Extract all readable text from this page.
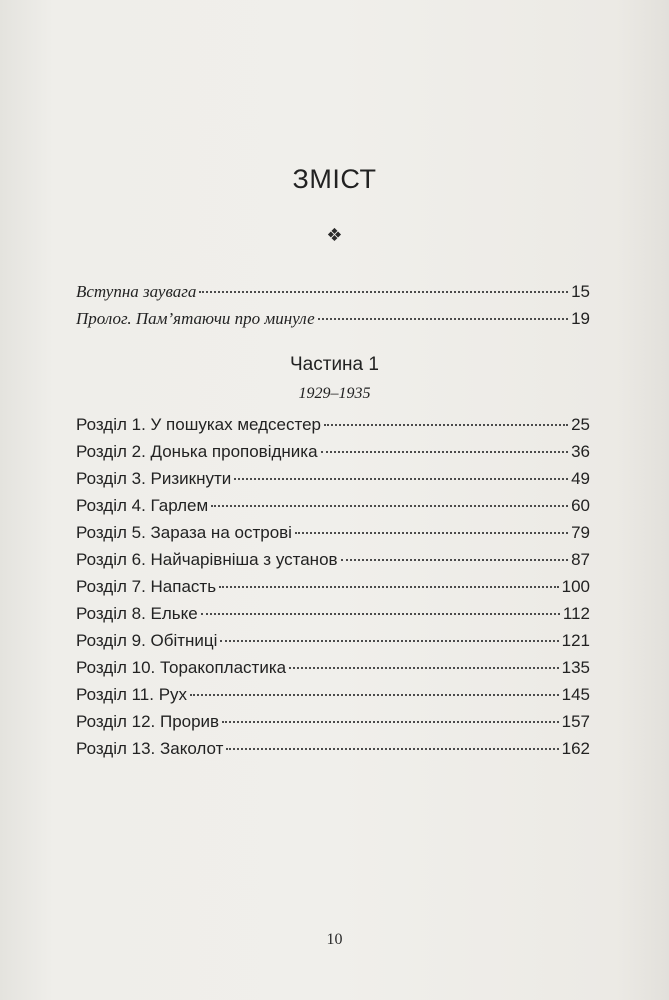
ЗМІСТ
❖
Вступна заувага	15
Пролог. Пам’ятаючи про минуле	19
Частина 1
1929–1935
Розділ 1. У пошуках медсестер	25
Розділ 2. Донька проповідника	36
Розділ 3. Ризикнути	49
Розділ 4. Гарлем	60
Розділ 5. Зараза на острові	79
Розділ 6. Найчарівніша з установ	87
Розділ 7. Напасть	100
Розділ 8. Ельке	112
Розділ 9. Обітниці	121
Розділ 10. Торакопластика	135
Розділ 11. Рух	145
Розділ 12. Прорив	157
Розділ 13. Заколот	162
10
